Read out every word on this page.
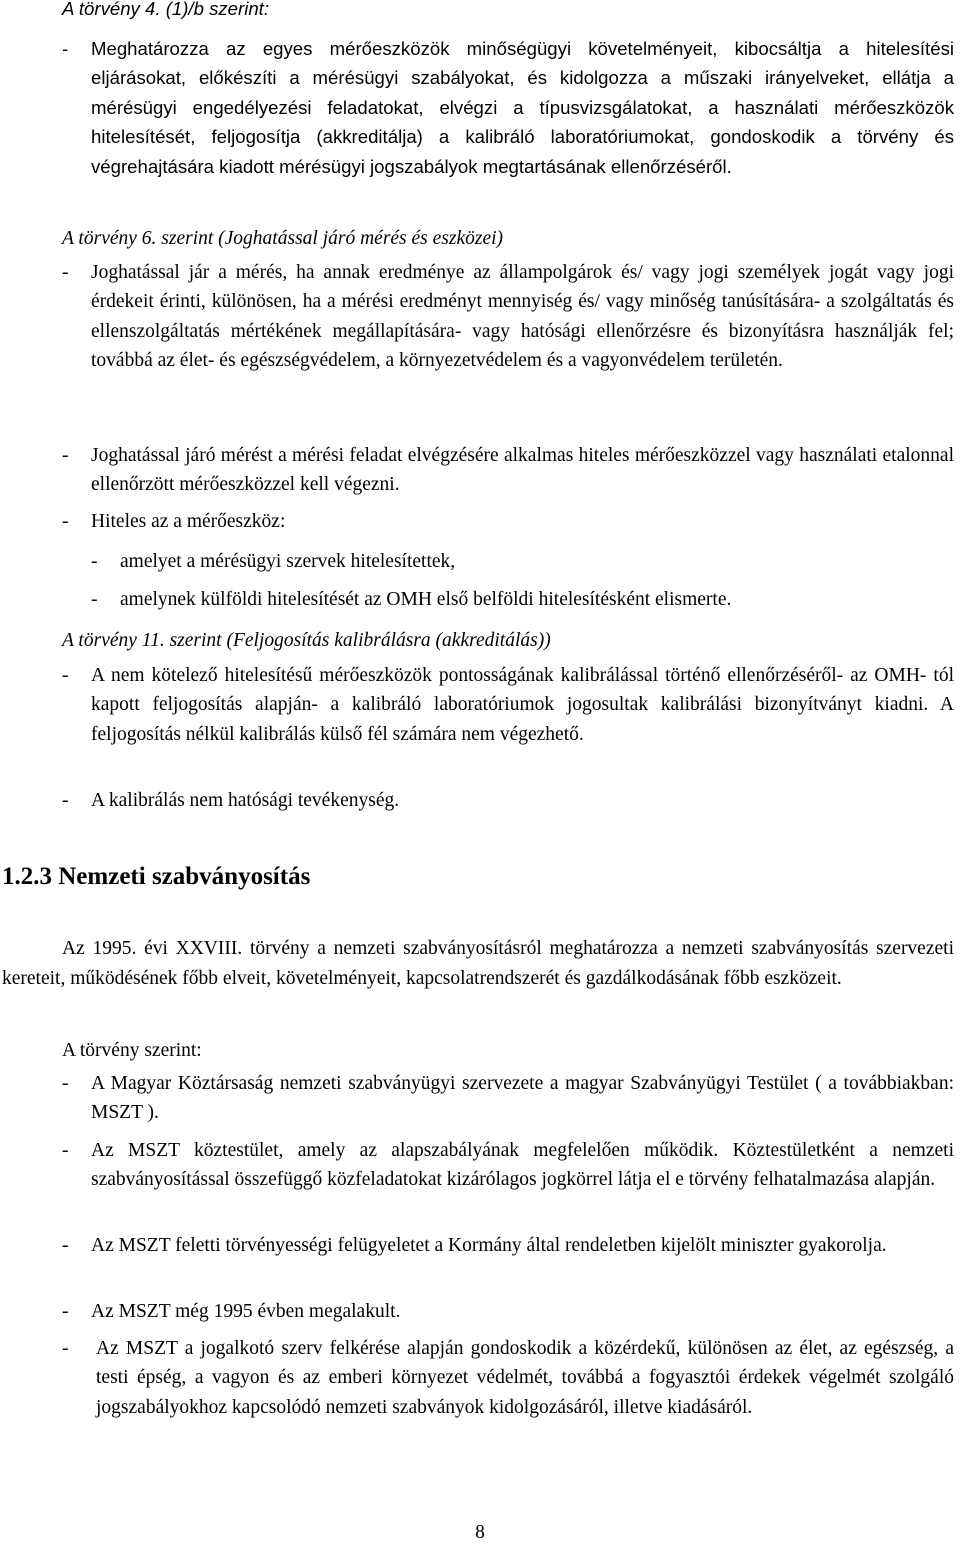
A törvény 4. (1)/b szerint:
- Meghatározza az egyes mérőeszközök minőségügyi követelményeit, kibocsáltja a hitelesítési eljárásokat, előkészíti a mérésügyi szabályokat, és kidolgozza a műszaki irányelveket, ellátja a mérésügyi engedélyezési feladatokat, elvégzi a típusvizsgálatokat, a használati mérőeszközök hitelesítését, feljogosítja (akkreditálja) a kalibráló laboratóriumokat, gondoskodik a törvény és végrehajtására kiadott mérésügyi jogszabályok megtartásának ellenőrzéséről.
A törvény 6. szerint (Joghatással járó mérés és eszközei)
- Joghatással jár a mérés, ha annak eredménye az állampolgárok és/ vagy jogi személyek jogát vagy jogi érdekeit érinti, különösen, ha a mérési eredményt mennyiség és/ vagy minőség tanúsítására- a szolgáltatás és ellenszolgáltatás mértékének megállapítására- vagy hatósági ellenőrzésre és bizonyításra használják fel; továbbá az élet- és egészségvédelem, a környezetvédelem és a vagyonvédelem területén.
- Joghatással járó mérést a mérési feladat elvégzésére alkalmas hiteles mérőeszközzel vagy használati etalonnal ellenőrzött mérőeszközzel kell végezni.
- Hiteles az a mérőeszköz:
- amelyet a mérésügyi szervek hitelesítettek,
- amelynek külföldi hitelesítését az OMH első belföldi hitelesítésként elismerte.
A törvény 11. szerint (Feljogosítás kalibrálásra (akkreditálás))
- A nem kötelező hitelesítésű mérőeszközök pontosságának kalibrálással történő ellenőrzéséről- az OMH- tól kapott feljogosítás alapján- a kalibráló laboratóriumok jogosultak kalibrálási bizonyítványt kiadni. A feljogosítás nélkül kalibrálás külső fél számára nem végezhető.
- A kalibrálás nem hatósági tevékenység.
1.2.3 Nemzeti szabványosítás
Az 1995. évi XXVIII. törvény a nemzeti szabványosításról meghatározza a nemzeti szabványosítás szervezeti kereteit, működésének főbb elveit, követelményeit, kapcsolatrendszerét és gazdálkodásának főbb eszközeit.
A törvény szerint:
- A Magyar Köztársaság nemzeti szabványügyi szervezete a magyar Szabványügyi Testület ( a továbbiakban: MSZT ).
- Az MSZT köztestület, amely az alapszabályának megfelelően működik. Köztestületként a nemzeti szabványosítással összefüggő közfeladatokat kizárólagos jogkörrel látja el e törvény felhatalmazása alapján.
- Az MSZT feletti törvényességi felügyeletet a Kormány által rendeletben kijelölt miniszter gyakorolja.
- Az MSZT még 1995 évben megalakult.
- Az MSZT a jogalkotó szerv felkérése alapján gondoskodik a közérdekű, különösen az élet, az egészség, a testi épség, a vagyon és az emberi környezet védelmét, továbbá a fogyasztói érdekek végelmét szolgáló jogszabályokhoz kapcsolódó nemzeti szabványok kidolgozásáról, illetve kiadásáról.
8
